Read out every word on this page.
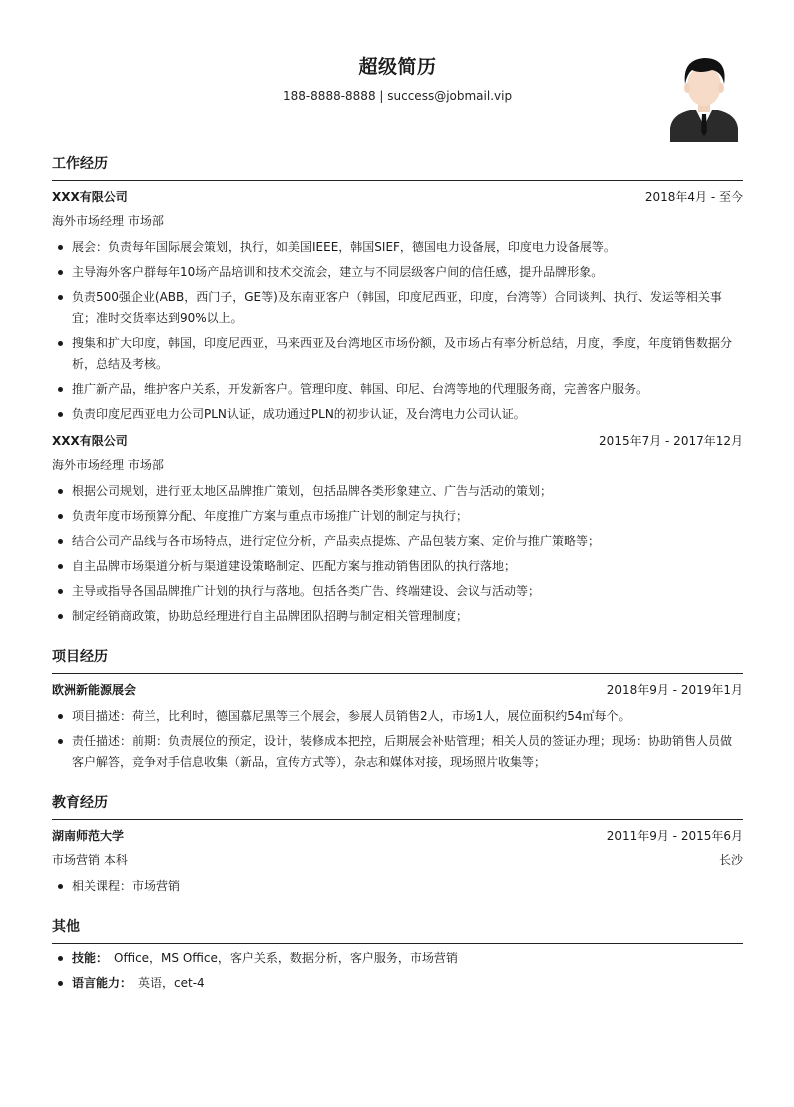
超级简历
188-8888-8888 | success@jobmail.vip
工作经历
XXX有限公司	2018年4月 - 至今
海外市场经理 市场部
展会：负责每年国际展会策划，执行，如美国IEEE，韩国SIEF，德国电力设备展，印度电力设备展等。
主导海外客户群每年10场产品培训和技术交流会，建立与不同层级客户间的信任感，提升品牌形象。
负责500强企业(ABB，西门子，GE等)及东南亚客户（韩国，印度尼西亚，印度，台湾等）合同谈判、执行、发运等相关事宜；准时交货率达到90%以上。
搜集和扩大印度，韩国，印度尼西亚，马来西亚及台湾地区市场份额，及市场占有率分析总结，月度，季度，年度销售数据分析，总结及考核。
推广新产品，维护客户关系，开发新客户。管理印度、韩国、印尼、台湾等地的代理服务商，完善客户服务。
负责印度尼西亚电力公司PLN认证，成功通过PLN的初步认证，及台湾电力公司认证。
XXX有限公司	2015年7月 - 2017年12月
海外市场经理 市场部
根据公司规划，进行亚太地区品牌推广策划，包括品牌各类形象建立、广告与活动的策划；
负责年度市场预算分配、年度推广方案与重点市场推广计划的制定与执行；
结合公司产品线与各市场特点，进行定位分析，产品卖点提炼、产品包装方案、定价与推广策略等；
自主品牌市场渠道分析与渠道建设策略制定、匹配方案与推动销售团队的执行落地；
主导或指导各国品牌推广计划的执行与落地。包括各类广告、终端建设、会议与活动等；
制定经销商政策，协助总经理进行自主品牌团队招聘与制定相关管理制度；
项目经历
欧洲新能源展会	2018年9月 - 2019年1月
项目描述：荷兰，比利时，德国慕尼黑等三个展会，参展人员销售2人，市场1人，展位面积约54㎡每个。
责任描述：前期：负责展位的预定，设计，装修成本把控，后期展会补贴管理；相关人员的签证办理；现场：协助销售人员做客户解答，竞争对手信息收集（新品，宣传方式等），杂志和媒体对接，现场照片收集等；
教育经历
湖南师范大学	2011年9月 - 2015年6月
市场营销 本科	长沙
相关课程：市场营销
其他
技能： Office，MS Office，客户关系，数据分析，客户服务，市场营销
语言能力： 英语，cet-4
